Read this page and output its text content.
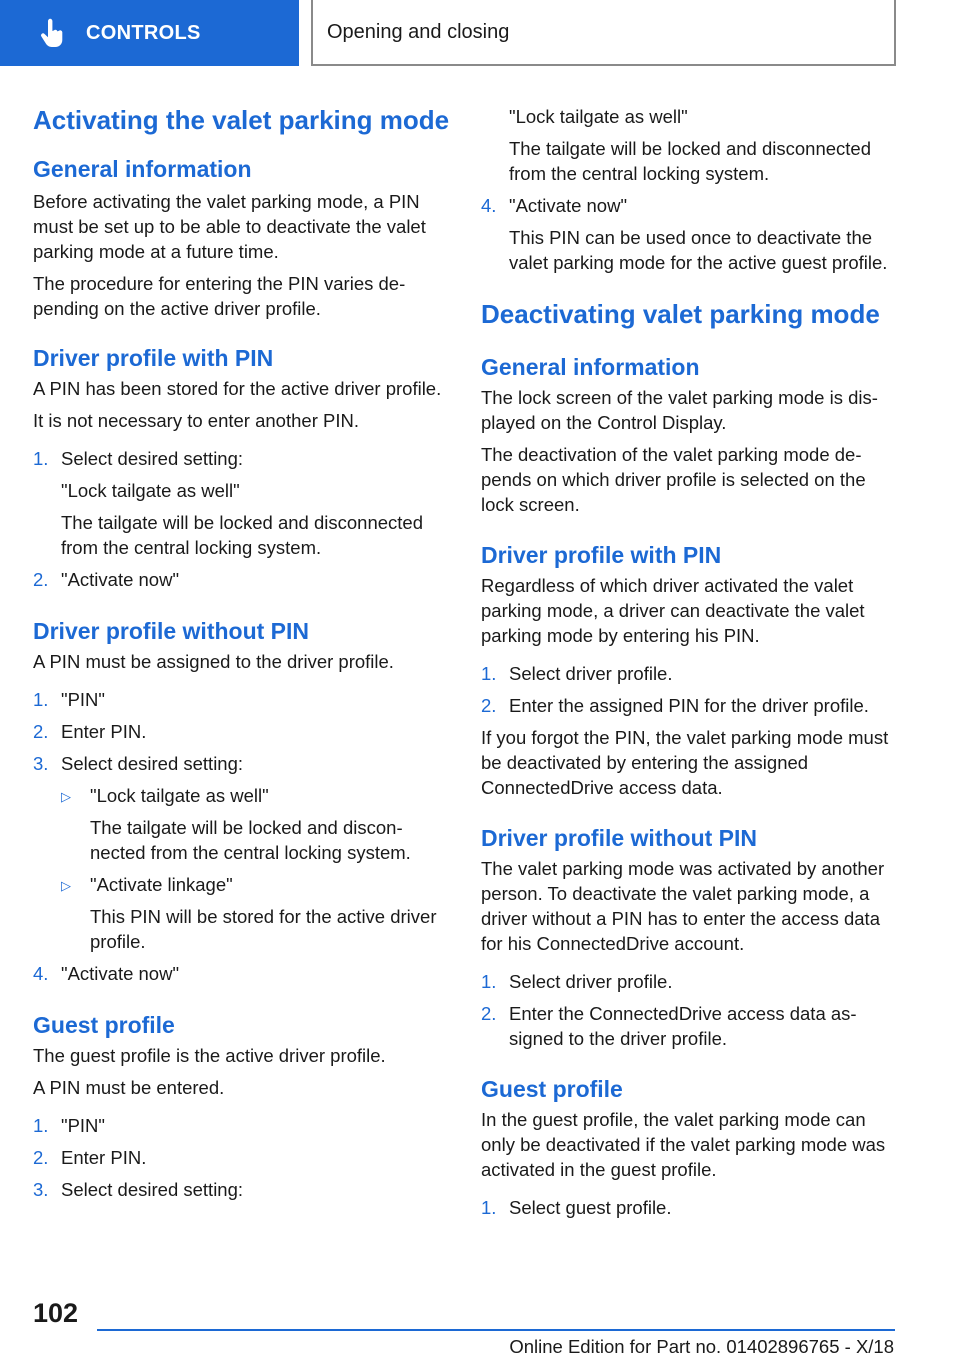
CONTROLS	Opening and closing
Activating the valet parking mode
General information
Before activating the valet parking mode, a PIN must be set up to be able to deactivate the valet parking mode at a future time.
The procedure for entering the PIN varies depending on the active driver profile.
Driver profile with PIN
A PIN has been stored for the active driver profile.
It is not necessary to enter another PIN.
1. Select desired setting:
"Lock tailgate as well"
The tailgate will be locked and disconnected from the central locking system.
2. "Activate now"
Driver profile without PIN
A PIN must be assigned to the driver profile.
1. "PIN"
2. Enter PIN.
3. Select desired setting:
▷	"Lock tailgate as well"
The tailgate will be locked and disconnected from the central locking system.
▷	"Activate linkage"
This PIN will be stored for the active driver profile.
4. "Activate now"
Guest profile
The guest profile is the active driver profile.
A PIN must be entered.
1. "PIN"
2. Enter PIN.
3. Select desired setting:
"Lock tailgate as well"
The tailgate will be locked and disconnected from the central locking system.
4. "Activate now"
This PIN can be used once to deactivate the valet parking mode for the active guest profile.
Deactivating valet parking mode
General information
The lock screen of the valet parking mode is displayed on the Control Display.
The deactivation of the valet parking mode depends on which driver profile is selected on the lock screen.
Driver profile with PIN
Regardless of which driver activated the valet parking mode, a driver can deactivate the valet parking mode by entering his PIN.
1. Select driver profile.
2. Enter the assigned PIN for the driver profile.
If you forgot the PIN, the valet parking mode must be deactivated by entering the assigned ConnectedDrive access data.
Driver profile without PIN
The valet parking mode was activated by another person. To deactivate the valet parking mode, a driver without a PIN has to enter the access data for his ConnectedDrive account.
1. Select driver profile.
2. Enter the ConnectedDrive access data assigned to the driver profile.
Guest profile
In the guest profile, the valet parking mode can only be deactivated if the valet parking mode was activated in the guest profile.
1. Select guest profile.
102
Online Edition for Part no. 01402896765 - X/18
